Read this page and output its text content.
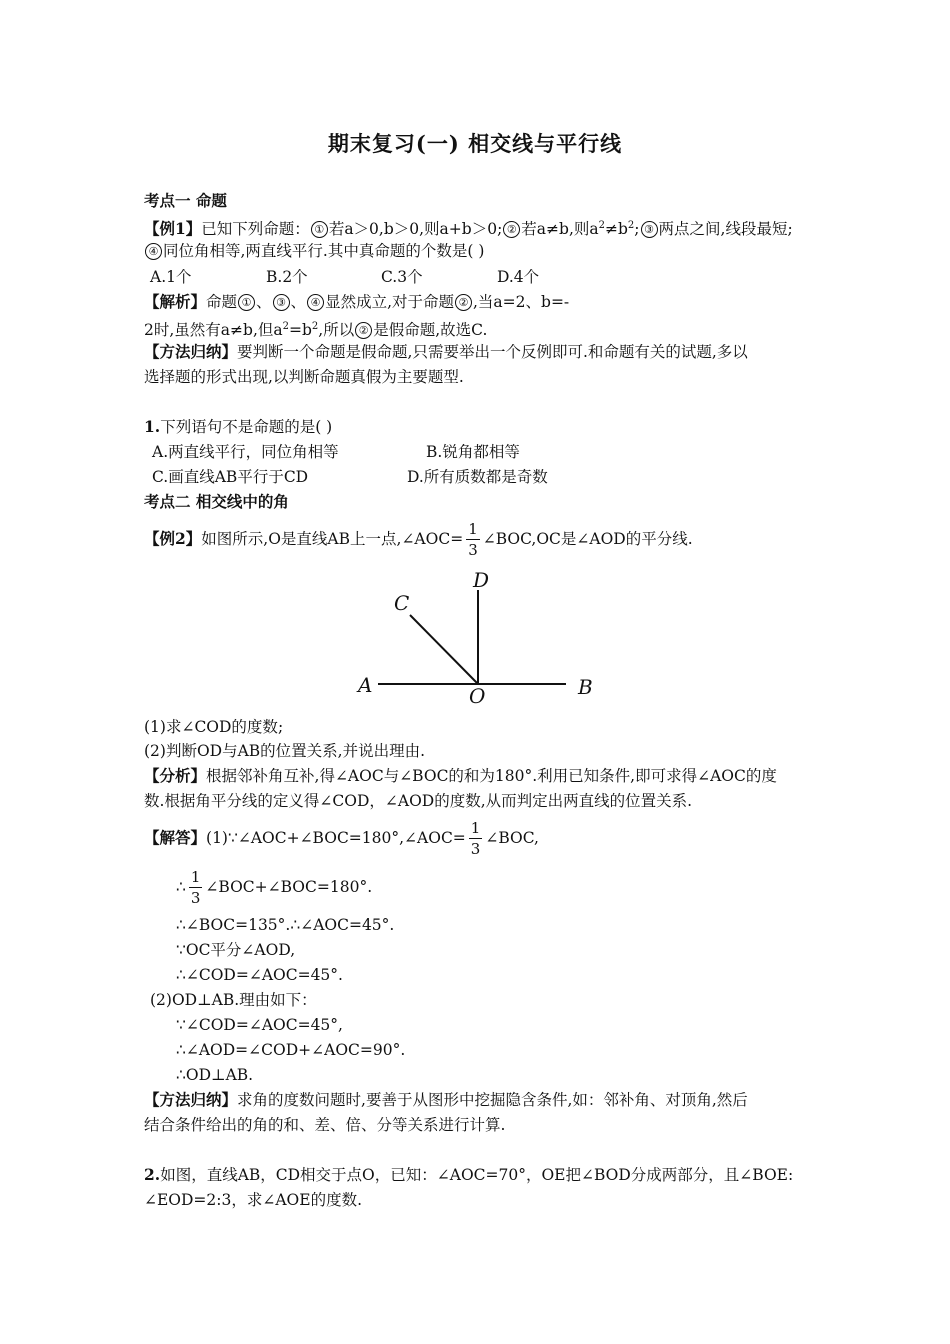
期末复习(一) 相交线与平行线
考点一 命题
【例1】已知下列命题： ① 若a＞0,b＞0,则a+b＞0; ② 若a≠b,则$a^2\ne b^2$; ③ 两点之间,线段最短;
④ 同位角相等,两直线平行.其中真命题的个数是( )
A.1个	B.2个	C.3个	D.4个
【解析】命题 ① 、 ③ 、 ④ 显然成立,对于命题 ② ,当a=2、b=-
2时,虽然有a≠b,但$a^2=b^2$,所以 ② 是假命题,故选C.
【方法归纳】要判断一个命题是假命题,只需要举出一个反例即可.和命题有关的试题,多以
选择题的形式出现,以判断命题真假为主要题型.
1.下列语句不是命题的是( )
A.两直线平行，同位角相等	B.锐角都相等
C.画直线AB平行于CD	D.所有质数都是奇数
考点二 相交线中的角
【例2】如图所示,O是直线AB上一点,∠AOC= $\frac{1}{3}$ ∠BOC,OC是∠AOD的平分线.
A	B
C
D
O
(1)求∠COD的度数;
(2)判断OD与AB的位置关系,并说出理由.
【分析】根据邻补角互补,得∠AOC与∠BOC的和为180°.利用已知条件,即可求得∠AOC的度
数.根据角平分线的定义得∠COD，∠AOD的度数,从而判定出两直线的位置关系.
【解答】(1)∵∠AOC+∠BOC=180°,∠AOC= $\frac{1}{3}$ ∠BOC,
∴ $\frac{1}{3}$ ∠BOC+∠BOC=180°.
∴∠BOC=135°.∴∠AOC=45°.
∵OC平分∠AOD,
∴∠COD=∠AOC=45°.
(2)OD⊥AB.理由如下：
∵∠COD=∠AOC=45°,
∴∠AOD=∠COD+∠AOC=90°.
∴OD⊥AB.
【方法归纳】求角的度数问题时,要善于从图形中挖掘隐含条件,如：邻补角、对顶角,然后
结合条件给出的角的和、差、倍、分等关系进行计算.
2.如图，直线AB，CD相交于点O，已知：∠AOC=70°，OE把∠BOD分成两部分，且∠BOE:
∠EOD=2:3，求∠AOE的度数.
